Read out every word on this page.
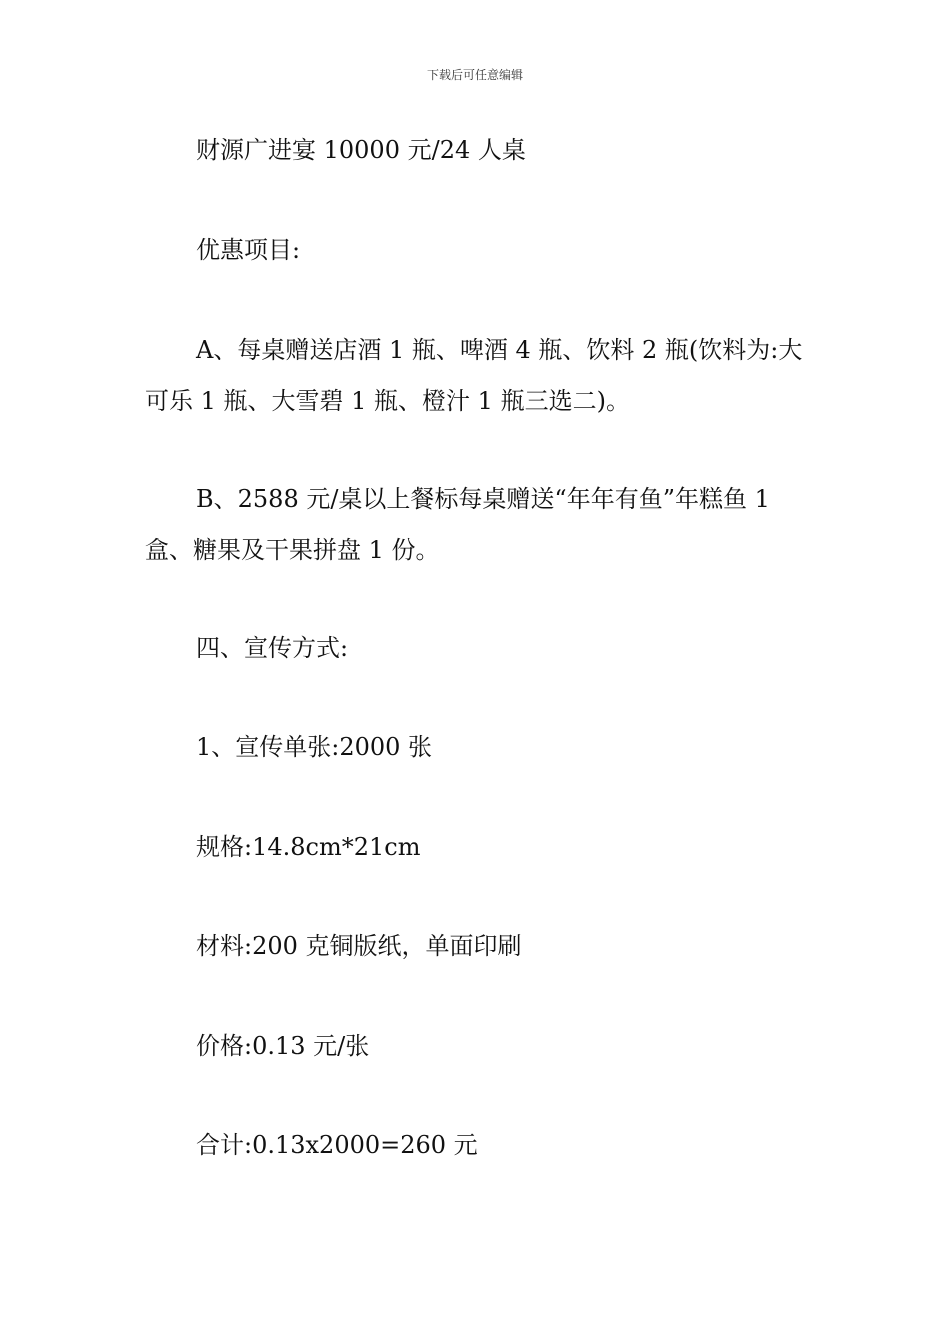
下载后可任意编辑
财源广进宴 10000 元/24 人桌
优惠项目:
A、每桌赠送店酒 1 瓶、啤酒 4 瓶、饮料 2 瓶(饮料为:大可乐 1 瓶、大雪碧 1 瓶、橙汁 1 瓶三选二)。
B、2588 元/桌以上餐标每桌赠送“年年有鱼”年糕鱼 1 盒、糖果及干果拼盘 1 份。
四、宣传方式:
1、宣传单张:2000 张
规格:14.8cm*21cm
材料:200 克铜版纸，单面印刷
价格:0.13 元/张
合计:0.13x2000=260 元
